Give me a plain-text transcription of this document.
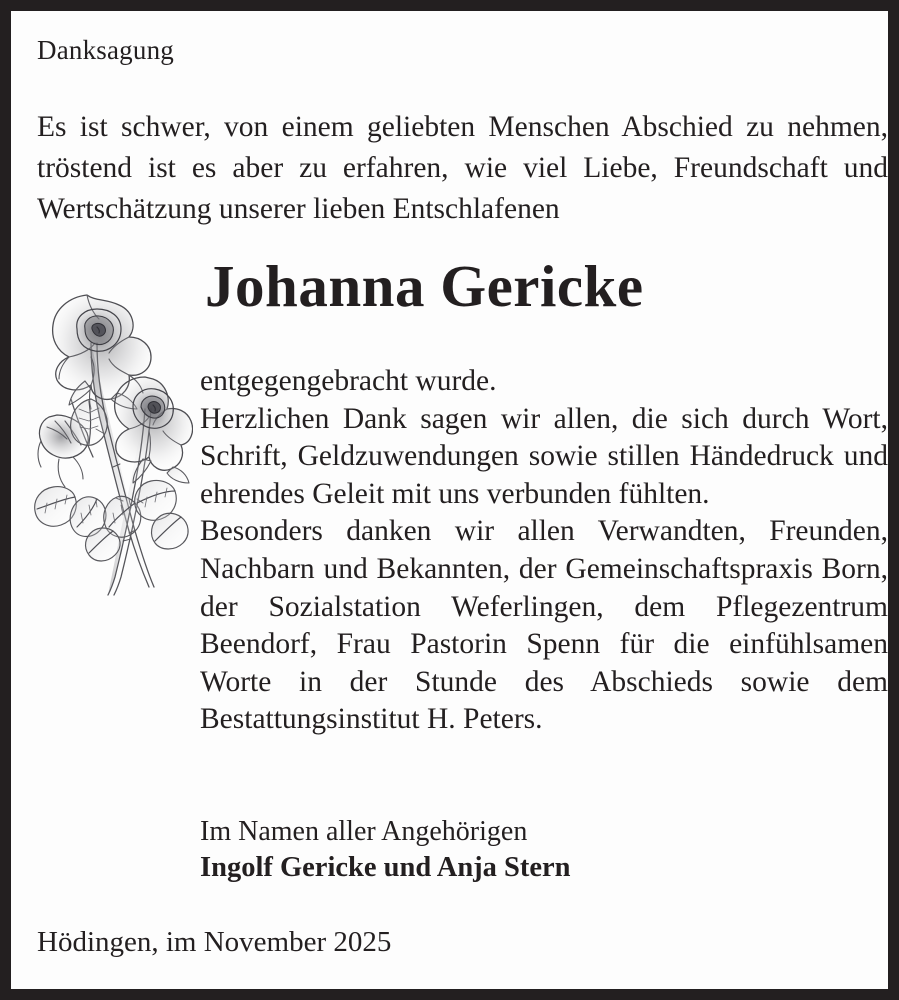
Danksagung
Es ist schwer, von einem geliebten Menschen Abschied zu nehmen, tröstend ist es aber zu erfahren, wie viel Liebe, Freundschaft und Wertschätzung unserer lieben Entschlafenen
Johanna Gericke

entgegengebracht wurde.

Herzlichen Dank sagen wir allen, die sich durch Wort, Schrift, Geldzuwendungen sowie stillen Händedruck und ehrendes Geleit mit uns verbunden fühlten.

Besonders danken wir allen Verwandten, Freunden, Nachbarn und Bekannten, der Gemeinschaftspraxis Born, der Sozialstation Weferlingen, dem Pflegezentrum Beendorf, Frau Pastorin Spenn für die einfühlsamen Worte in der Stunde des Abschieds sowie dem Bestattungsinstitut H. Peters.

Im Namen aller Angehörigen
Ingolf Gericke und Anja Stern
Hödingen, im November 2025
